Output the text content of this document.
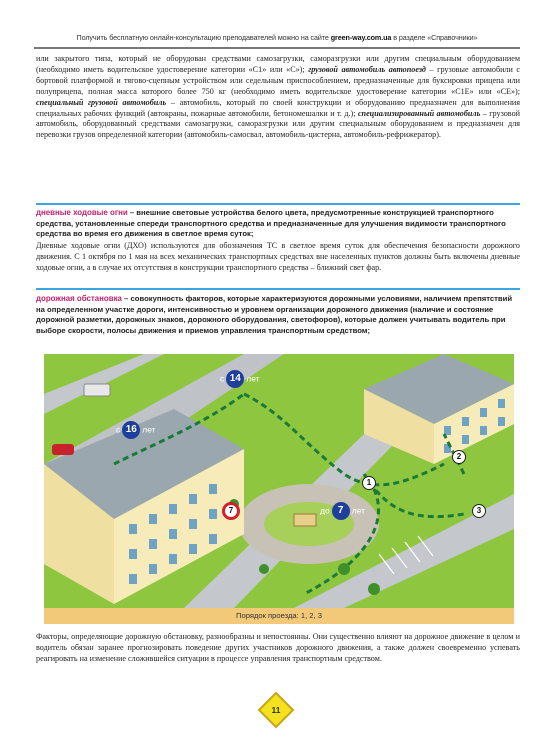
Получить бесплатную онлайн-консультацию преподавателей можно на сайте green-way.com.ua в разделе «Справочники»
или закрытого типа, который не оборудован средствами самозагрузки, саморазгрузки или другим специальным оборудованием (необходимо иметь водительское удостоверение категории «С1» или «С»); грузовой автомобиль автопоезд – грузовые автомобили с бортовой платформой и тягово-сцепным устройством или седельным приспособлением, предназначенные для буксировки прицепа или полуприцепа, полная масса которого более 750 кг (необходимо иметь водительское удостоверение категории «С1Е» или «СЕ»); специальный грузовой автомобиль – автомобиль, который по своей конструкции и оборудованию предназначен для выполнения специальных рабочих функций (автокраны, пожарные автомобили, бетономешалки и т. д.); специализированный автомобиль – грузовой автомобиль, оборудованный средствами самозагрузки, саморазгрузки или другим специальным оборудованием и предназначен для перевозки грузов определенной категории (автомобиль-самосвал, автомобиль-цистерна, автомобиль-рефрижератор).
дневные ходовые огни – внешние световые устройства белого цвета, предусмотренные конструкцией транспортного средства, установленные спереди транспортного средства и предназначенные для улучшения видимости транспортного средства во время его движения в светлое время суток;
Дневные ходовые огни (ДХО) используются для обозначения ТС в светлое время суток для обеспечения безопасности дорожного движения. С 1 октября по 1 мая на всех механических транспортных средствах вне населенных пунктов должны быть включены дневные ходовые огни, а в случае их отсутствия в конструкции транспортного средства – ближний свет фар.
дорожная обстановка – совокупность факторов, которые характеризуются дорожными условиями, наличием препятствий на определенном участке дороги, интенсивностью и уровнем организации дорожного движения (наличие и состояние дорожной разметки, дорожных знаков, дорожного оборудования, светофоров), которые должен учитывать водитель при выборе скорости, полосы движения и приемов управления транспортным средством;
с 14 лет
с 16 лет
до 7 лет
7
1
2
3
Порядок проезда: 1, 2, 3
Факторы, определяющие дорожную обстановку, разнообразны и непостоянны. Они существенно влияют на дорожное движение в целом и водитель обязан заранее прогнозировать поведение других участников дорожного движения, а также должен своевременно успевать реагировать на изменение сложившейся ситуации в процессе управления транспортным средством.
11
